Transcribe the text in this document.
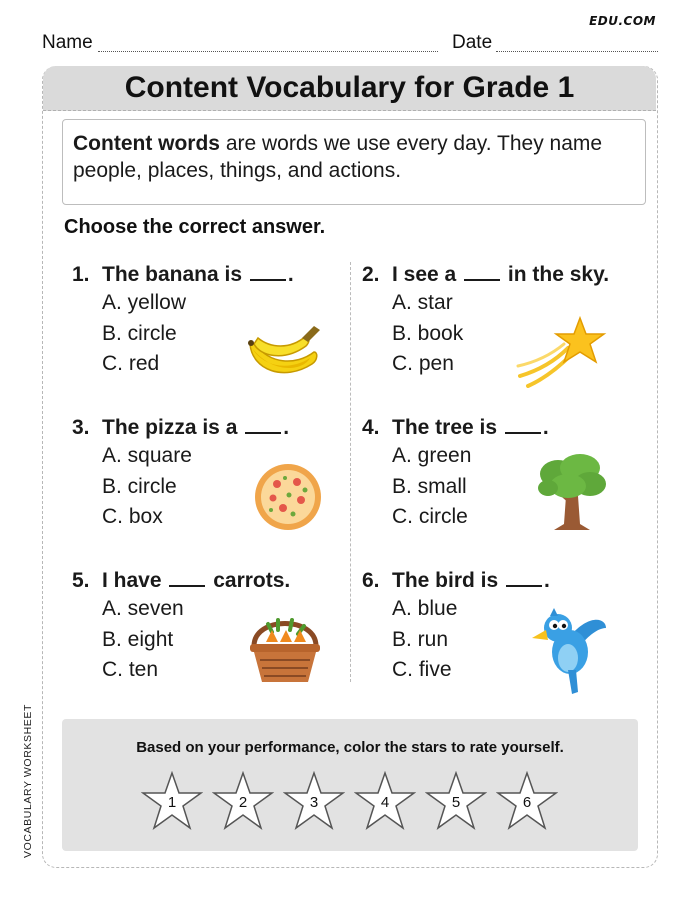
EDU.COM
Name	Date
Content Vocabulary for Grade 1
Content words are words we use every day. They name people, places, things, and actions.
Choose the correct answer.
1. The banana is .
A. yellow
B. circle
C. red
2. I see a  in the sky.
A. star
B. book
C. pen
3. The pizza is a .
A. square
B. circle
C. box
4. The tree is .
A. green
B. small
C. circle
5. I have  carrots.
A. seven
B. eight
C. ten
6. The bird is .
A. blue
B. run
C. five
Based on your performance, color the stars to rate yourself.
1	2	3	4	5	6
VOCABULARY WORKSHEET
